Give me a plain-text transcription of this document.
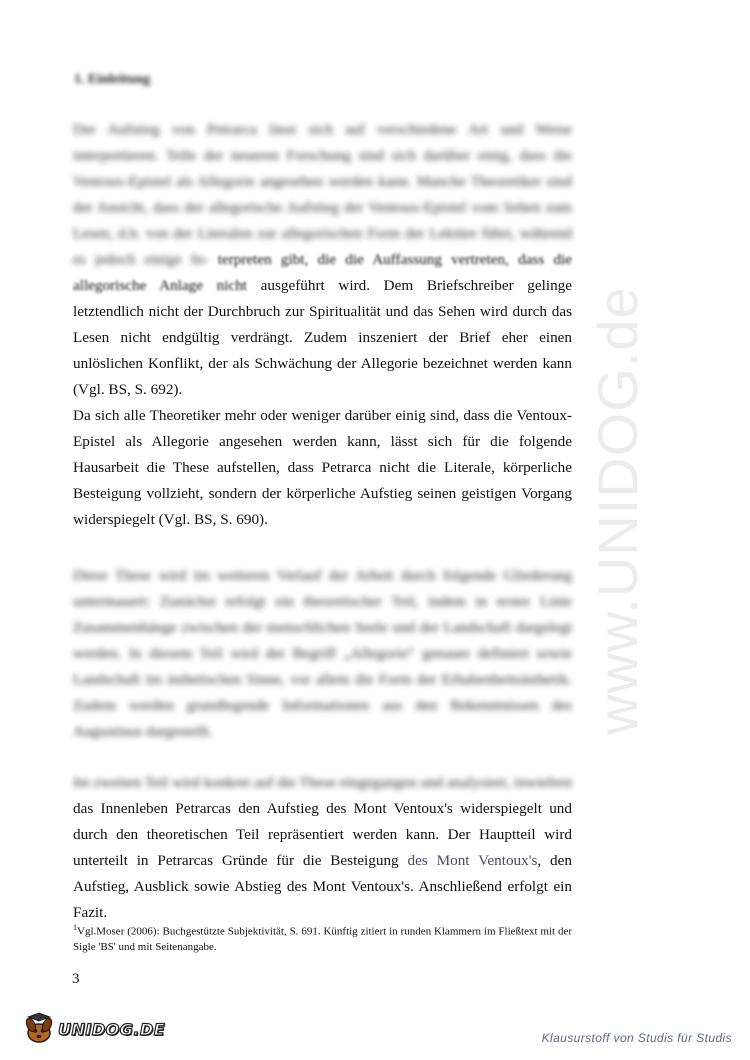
1. Einleitung

Der Aufstieg von Petrarca lässt sich auf verschiedene Art und Weise interpretieren. Teile der neueren Forschung sind sich darüber einig, dass die Ventoux-Epistel als Allegorie angesehen werden kann. Manche Theoretiker sind der Ansicht, dass der allegorische Aufstieg der Ventoux-Epistel vom Sehen zum Lesen, d.h. von der Literalen zur allegorischen Form der Lektüre führt, während es jedoch einige In- terpreten gibt, die die Auffassung vertreten, dass die allegorische Anlage nicht ausgeführt wird. Dem Briefschreiber gelinge letztendlich nicht der Durchbruch zur Spiritualität und das Sehen wird durch das Lesen nicht endgültig verdrängt. Zudem inszeniert der Brief eher einen unlöslichen Konflikt, der als Schwächung der Allegorie bezeichnet werden kann (Vgl. BS, S. 692).

Da sich alle Theoretiker mehr oder weniger darüber einig sind, dass die Ventoux-Epistel als Allegorie angesehen werden kann, lässt sich für die folgende Hausarbeit die These aufstellen, dass Petrarca nicht die Literale, körperliche Besteigung vollzieht, sondern der körperliche Aufstieg seinen geistigen Vorgang widerspiegelt (Vgl. BS, S. 690).

Diese These wird im weiteren Verlauf der Arbeit durch folgende Gliederung untermauert: Zunächst erfolgt ein theoretischer Teil, indem in erster Linie Zusammenhänge zwischen der menschlichen Seele und der Landschaft dargelegt werden. In diesem Teil wird der Begriff „Allegorie“ genauer definiert sowie Landschaft im ästhetischen Sinne, vor allem die Form der Erhabenheitsästhetik. Zudem werden grundlegende Informationen aus den Bekenntnissen des Augustinus dargestellt.

Im zweiten Teil wird konkret auf die These eingegangen und analysiert, inwiefern das Innenleben Petrarcas den Aufstieg des Mont Ventoux's widerspiegelt und durch den theoretischen Teil repräsentiert werden kann. Der Hauptteil wird unterteilt in Petrarcas Gründe für die Besteigung des Mont Ventoux's, den Aufstieg, Ausblick sowie Abstieg des Mont Ventoux's. Anschließend erfolgt ein Fazit.

$^1$Vgl.Moser (2006): Buchgestützte Subjektivität, S. 691. Künftig zitiert in runden Klammern im Fließtext mit der Sigle 'BS' und mit Seitenangabe.
3
www.UNIDOG.de
UNIDOG.DE	Klausurstoff von Studis für Studis
